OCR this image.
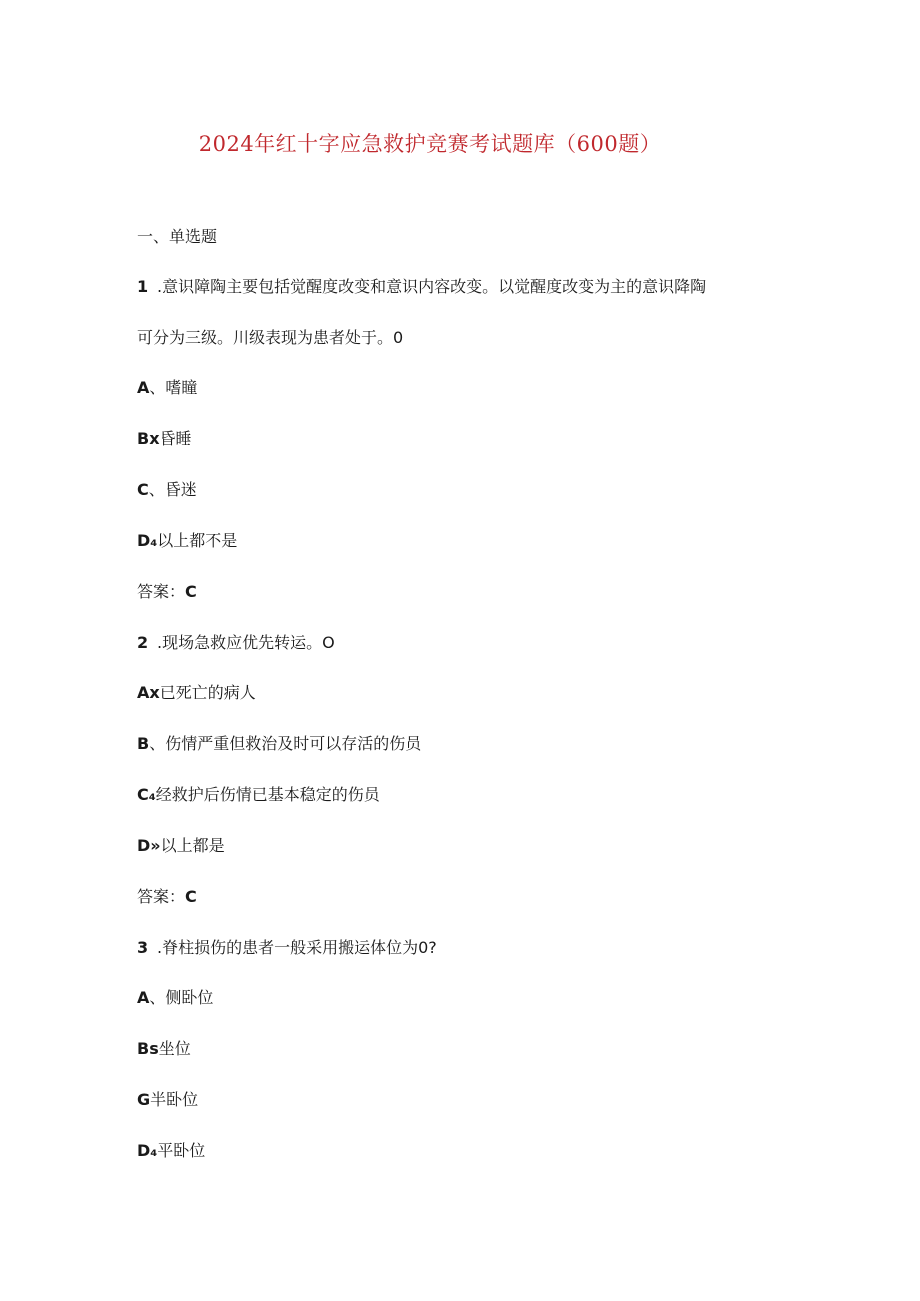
2024年红十字应急救护竞赛考试题库（600题）
一、单选题
1 .意识障陶主要包括觉醒度改变和意识内容改变。以觉醒度改变为主的意识降陶
可分为三级。川级表现为患者处于。0
A、嗜瞳
Bx昏睡
C、昏迷
D₄以上都不是
答案：C
2 .现场急救应优先转运。O
Ax已死亡的病人
B、伤情严重但救治及时可以存活的伤员
C₄经救护后伤情已基本稳定的伤员
D»以上都是
答案：C
3 .脊柱损伤的患者一般采用搬运体位为0?
A、侧卧位
Bs坐位
G半卧位
D₄平卧位
